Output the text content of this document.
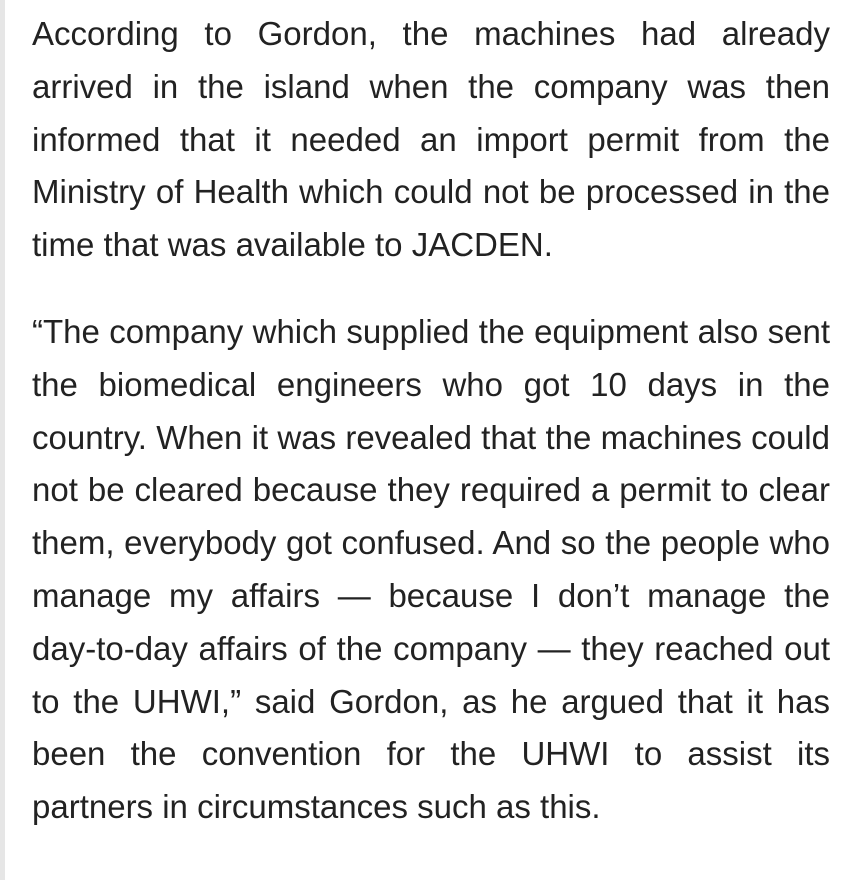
According to Gordon, the machines had already arrived in the island when the company was then informed that it needed an import permit from the Ministry of Health which could not be processed in the time that was available to JACDEN.

“The company which supplied the equipment also sent the biomedical engineers who got 10 days in the country. When it was revealed that the machines could not be cleared because they required a permit to clear them, everybody got confused. And so the people who manage my affairs — because I don’t manage the day-to-day affairs of the company — they reached out to the UHWI,” said Gordon, as he argued that it has been the convention for the UHWI to assist its partners in circumstances such as this.
